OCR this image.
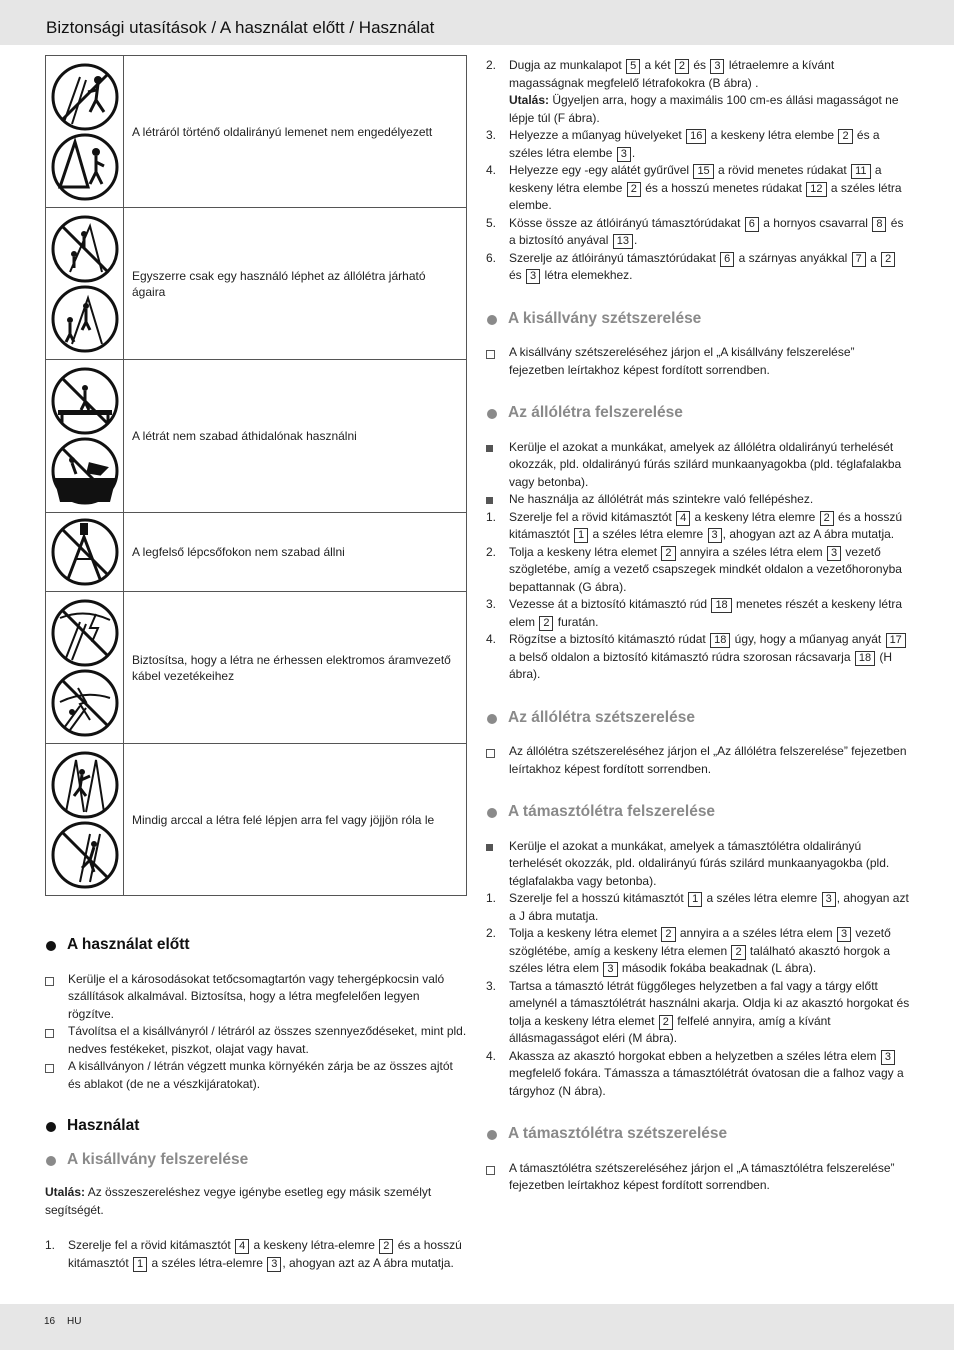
Biztonsági utasítások / A használat előtt / Használat
	A létráról történő oldalirányú lemenet nem engedélyezett

	Egyszerre csak egy használó léphet az állólétra járható ágaira

	A létrát nem szabad áthidalónak használni

	A legfelső lépcsőfokon nem szabad állni

	Biztosítsa, hogy a létra ne érhessen elektromos áramvezető kábel vezetékeihez

	Mindig arccal a létra felé lépjen arra fel vagy jöjjön róla le

A használat előtt

Kerülje el a károsodásokat tetőcsomagtartón vagy tehergépkocsin való szállítások alkalmával. Biztosítsa, hogy a létra megfelelően legyen rögzítve.
Távolítsa el a kisállványról / létráról az összes szennyeződéseket, mint pld. nedves festékeket, piszkot, olajat vagy havat.
A kisállványon / létrán végzett munka környékén zárja be az összes ajtót és ablakot (de ne a vészkijáratokat).

Használat

A kisállvány felszerelése

Utalás: Az összeszereléshez vegye igénybe esetleg egy másik személyt segítségét.
1. Szerelje fel a rövid kitámasztót 4 a keskeny létra-elemre 2 és a hosszú kitámasztót 1 a széles létra-elemre 3 , ahogyan azt az A ábra mutatja.
2. Dugja az munkalapot 5 a két 2 és 3 létraelemre a kívánt magasságnak megfelelő létrafokokra (B ábra) .
Utalás: Ügyeljen arra, hogy a maximális 100 cm-es állási magasságot ne lépje túl (F ábra).
3. Helyezze a műanyag hüvelyeket 16 a keskeny létra elembe 2 és a széles létra elembe 3 .
4. Helyezze egy -egy alátét gyűrűvel 15 a rövid menetes rúdakat 11 a keskeny létra elembe 2 és a hosszú menetes rúdakat 12 a széles létra elembe.
5. Kösse össze az átlóirányú támasztórúdakat 6 a hornyos csavarral 8 és a biztosító anyával 13 .
6. Szerelje az átlóirányú támasztórúdakat 6 a szárnyas anyákkal 7 a 2 és 3 létra elemekhez.

A kisállvány szétszerelése

A kisállvány szétszereléséhez járjon el „A kisállvány felszerelése” fejezetben leírtakhoz képest fordított sorrendben.

Az állólétra felszerelése

Kerülje el azokat a munkákat, amelyek az állólétra oldalirányú terhelését okozzák, pld. oldalirányú fúrás szilárd munkaanyagokba (pld. téglafalakba vagy betonba).
Ne használja az állólétrát más szintekre való fellépéshez.
1. Szerelje fel a rövid kitámasztót 4 a keskeny létra elemre 2 és a hosszú kitámasztót 1 a széles létra elemre 3 , ahogyan azt az A ábra mutatja.
2. Tolja a keskeny létra elemet 2 annyira a széles létra elem 3 vezető szögletébe, amíg a vezető csapszegek mindkét oldalon a vezetőhoronyba bepattannak (G ábra).
3. Vezesse át a biztosító kitámasztó rúd 18 menetes részét a keskeny létra elem 2 furatán.
4. Rögzítse a biztosító kitámasztó rúdat 18 úgy, hogy a műanyag anyát 17 a belső oldalon a biztosító kitámasztó rúdra szorosan rácsavarja 18 (H ábra).

Az állólétra szétszerelése

Az állólétra szétszereléséhez járjon el „Az állólétra felszerelése” fejezetben leírtakhoz képest fordított sorrendben.

A támasztólétra felszerelése

Kerülje el azokat a munkákat, amelyek a támasztólétra oldalirányú terhelését okozzák, pld. oldalirányú fúrás szilárd munkaanyagokba (pld. téglafalakba vagy betonba).
1. Szerelje fel a hosszú kitámasztót 1 a széles létra elemre 3 , ahogyan azt a J ábra mutatja.
2. Tolja a keskeny létra elemet 2 annyira a a széles létra elem 3 vezető szöglétébe, amíg a keskeny létra elemen 2 található akasztó horgok a széles létra elem 3 második fokába beakadnak (L ábra).
3. Tartsa a támasztó létrát függőleges helyzetben a fal vagy a tárgy előtt amelynél a támasztólétrát használni akarja. Oldja ki az akasztó horgokat és tolja a keskeny létra elemet 2 felfelé annyira, amíg a kívánt állásmagasságot eléri (M ábra).
4. Akassza az akasztó horgokat ebben a helyzetben a széles létra elem 3 megfelelő fokára. Támassza a támasztólétrát óvatosan die a falhoz vagy a tárgyhoz (N ábra).

A támasztólétra szétszerelése

A támasztólétra szétszereléséhez járjon el „A támasztólétra felszerelése” fejezetben leírtakhoz képest fordított sorrendben.
16 HU
